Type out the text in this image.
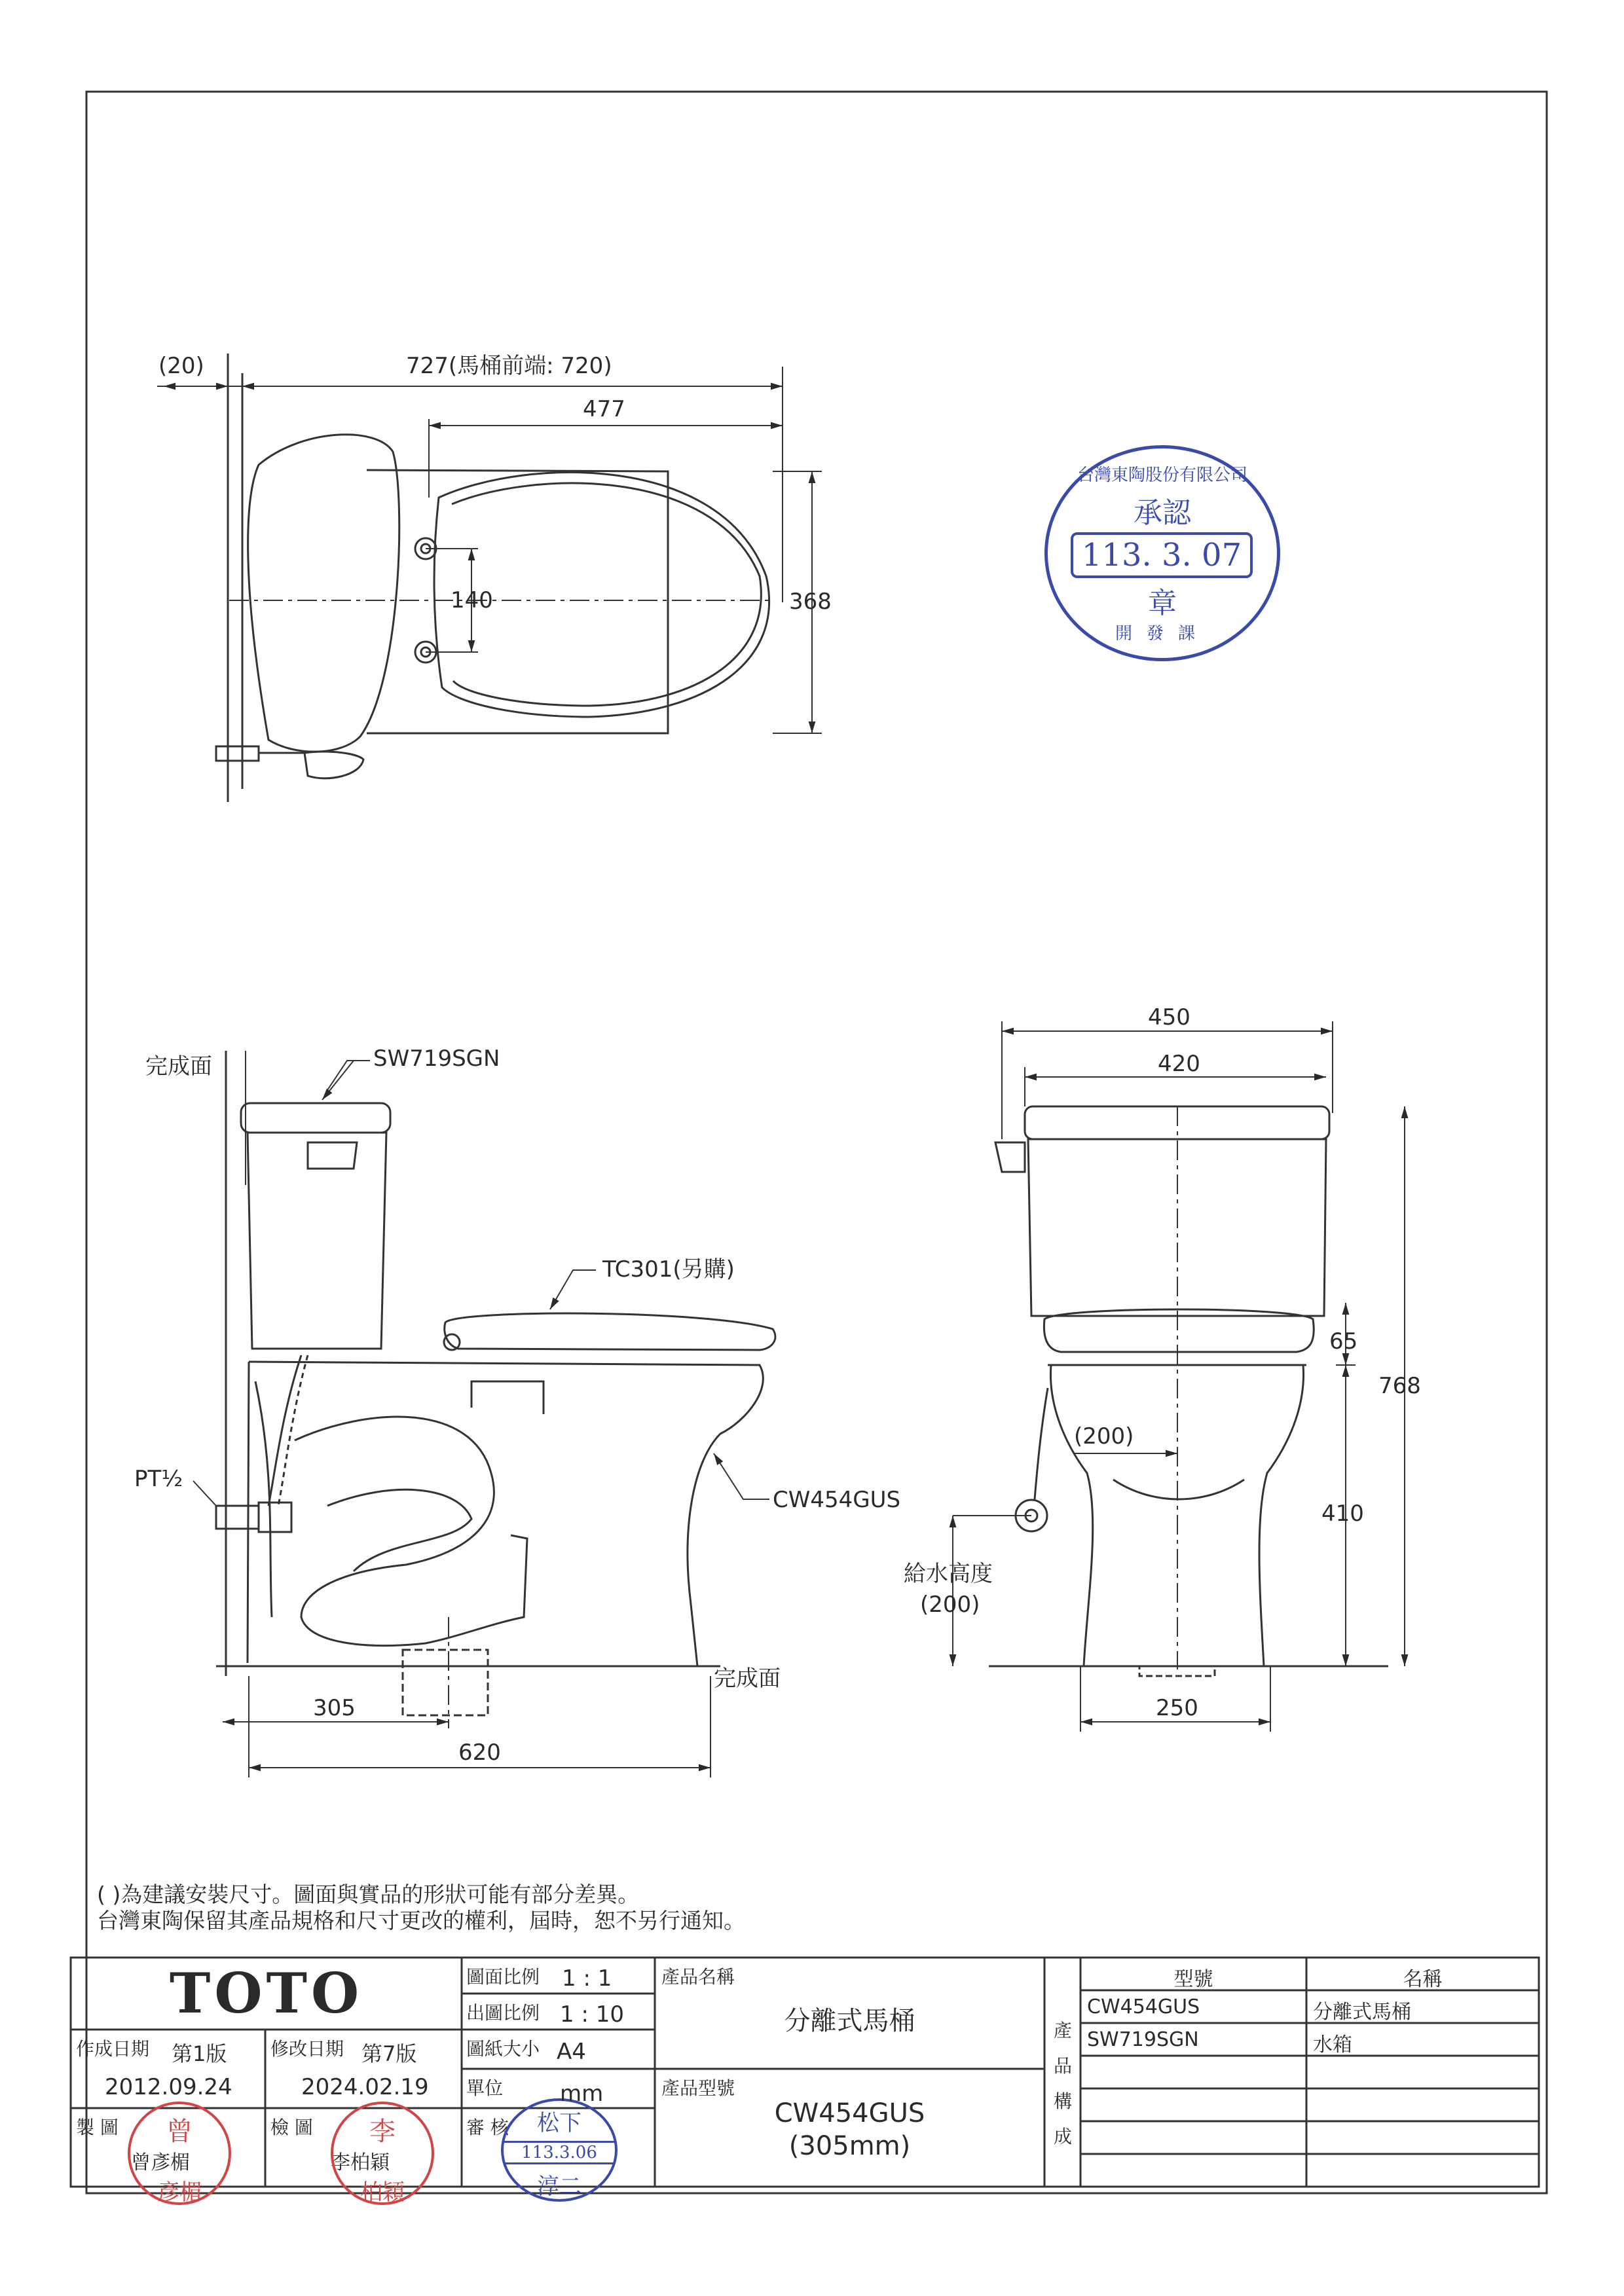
(20)	727(馬桶前端: 720)
477
140	368
完成面	SW719SGN
TC301(另購)
PT½
CW454GUS
完成面
305
620
450
420
65
768
(200)
410
給水高度
(200)
250
( )為建議安裝尺寸。圖面與實品的形狀可能有部分差異。
台灣東陶保留其產品規格和尺寸更改的權利，屆時，恕不另行通知。
台灣東陶股份有限公司
承認
113. 3. 07
章
開發課
TOTO
作成日期 第1版
2012.09.24
修改日期 第7版
2024.02.19
製 圖
曾彥楣
檢 圖
李柏穎
審 核
曾
彥楣
李
柏穎
松下
113.3.06
淳二
圖面比例 1 : 1
出圖比例 1 : 10
圖紙大小 A4
單位	mm
產品名稱
分離式馬桶
產品型號
CW454GUS
(305mm)
產 品 構 成
型號	名稱
CW454GUS	分離式馬桶
SW719SGN	水箱
